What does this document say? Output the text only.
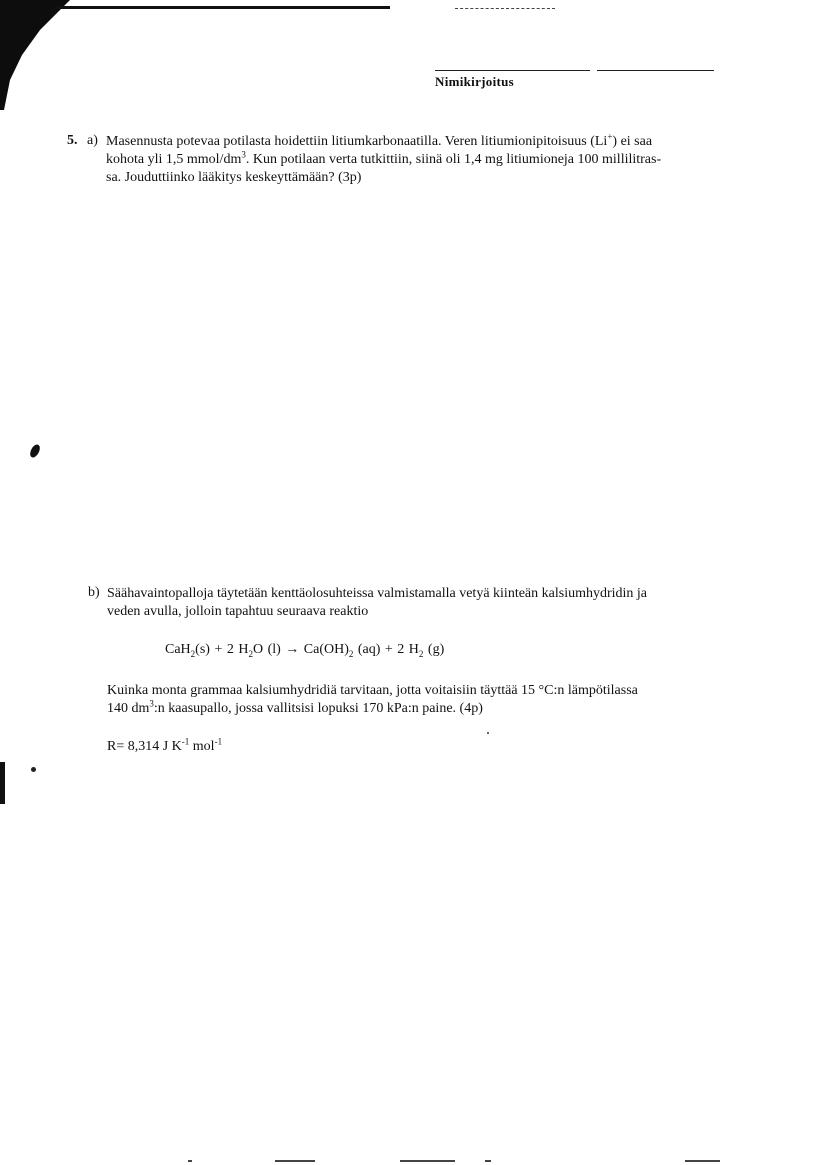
Nimikirjoitus
5. a) Masennusta potevaa potilasta hoidettiin litiumkarbonaatilla. Veren litiumionipitoisuus (Li+) ei saa
kohota yli 1,5 mmol/$dm^3$. Kun potilaan verta tutkittiin, siinä oli 1,4 mg litiumioneja 100 millilitras-
sa. Jouduttiinko lääkitys keskeyttämään? (3p)
b) Säähavaintopalloja täytetään kenttäolosuhteissa valmistamalla vetyä kiinteän kalsiumhydridin ja
veden avulla, jolloin tapahtuu seuraava reaktio
CaH$_2$(s) + 2 $H_2O$ $(l) \to Ca(OH)_2$ (aq) + 2 $H_2$ (g)
Kuinka monta grammaa kalsiumhydridiä tarvitaan, jotta voitaisiin täyttää 15 °C:n lämpötilassa
140 $dm^3:n$ kaasupallo, jossa vallitsisi lopuksi 170 kPa:n paine. (4p)
R= 8,314 J $K^{-1}$ mol$^{-1}$
